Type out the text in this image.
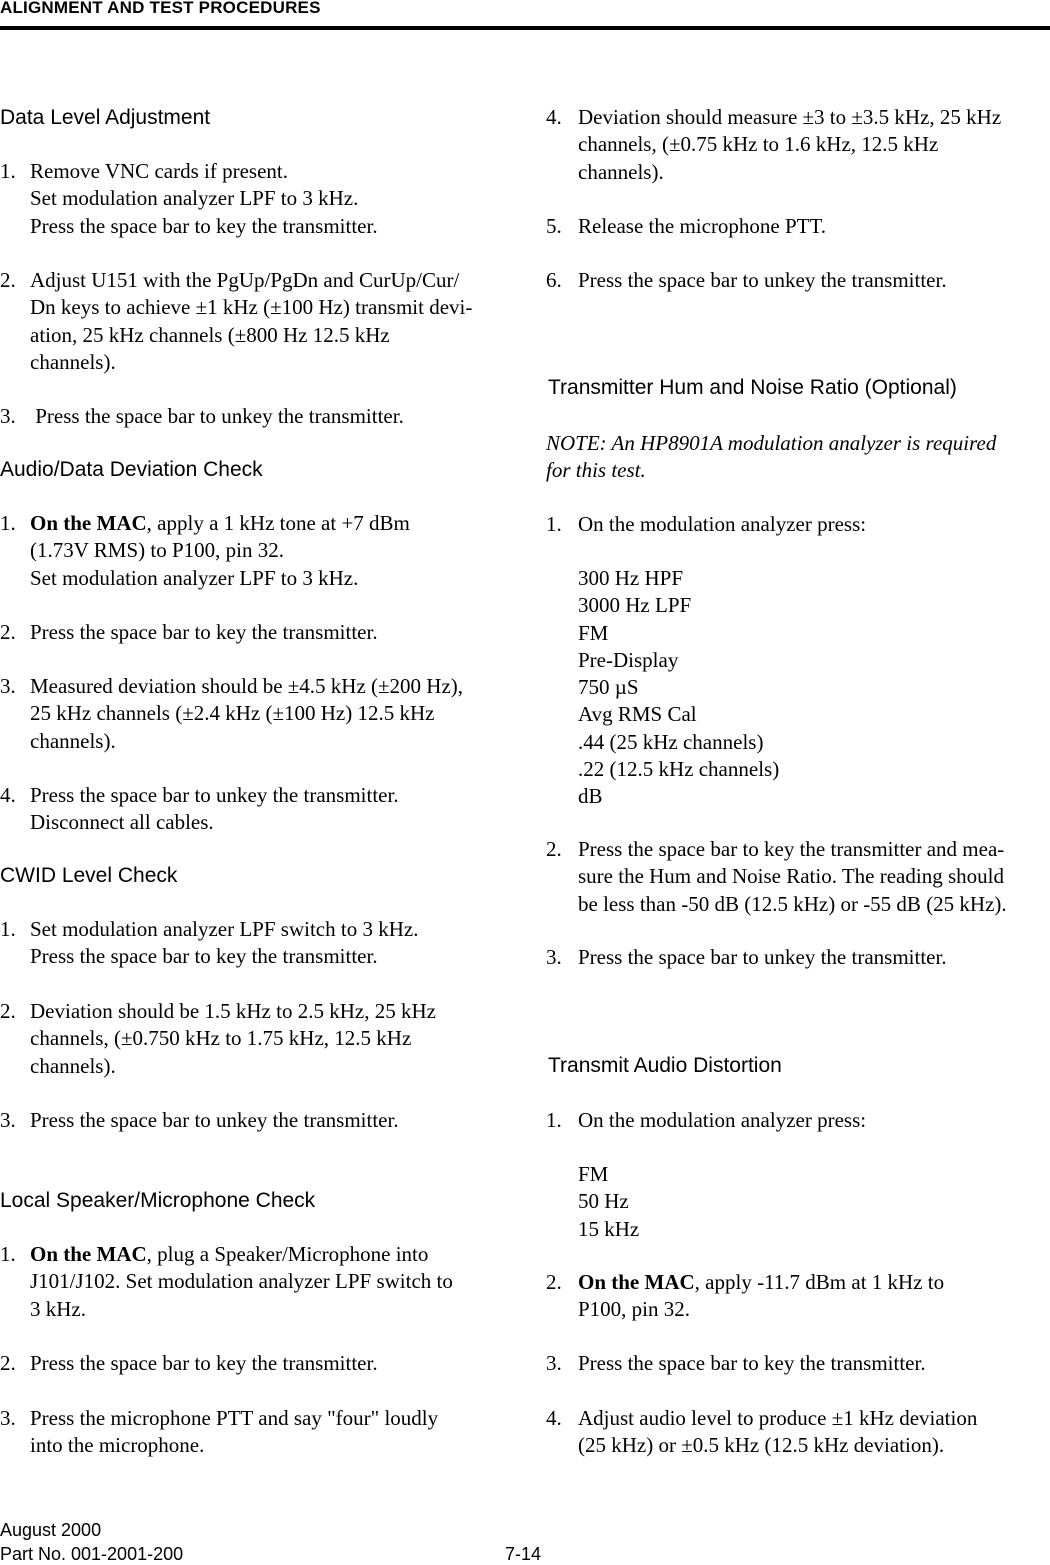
ALIGNMENT AND TEST PROCEDURES
Data Level Adjustment
1. Remove VNC cards if present.
Set modulation analyzer LPF to 3 kHz.
Press the space bar to key the transmitter.
2. Adjust U151 with the PgUp/PgDn and CurUp/Cur/
Dn keys to achieve ±1 kHz (±100 Hz) transmit devi-
ation, 25 kHz channels (±800 Hz 12.5 kHz
channels).
3. Press the space bar to unkey the transmitter.
Audio/Data Deviation Check
1. On the MAC, apply a 1 kHz tone at +7 dBm
(1.73V RMS) to P100, pin 32.
Set modulation analyzer LPF to 3 kHz.
2. Press the space bar to key the transmitter.
3. Measured deviation should be ±4.5 kHz (±200 Hz),
25 kHz channels (±2.4 kHz (±100 Hz) 12.5 kHz
channels).
4. Press the space bar to unkey the transmitter.
Disconnect all cables.
CWID Level Check
1. Set modulation analyzer LPF switch to 3 kHz.
Press the space bar to key the transmitter.
2. Deviation should be 1.5 kHz to 2.5 kHz, 25 kHz
channels, (±0.750 kHz to 1.75 kHz, 12.5 kHz
channels).
3. Press the space bar to unkey the transmitter.
Local Speaker/Microphone Check
1. On the MAC, plug a Speaker/Microphone into
J101/J102. Set modulation analyzer LPF switch to
3 kHz.
2. Press the space bar to key the transmitter.
3. Press the microphone PTT and say "four" loudly
into the microphone.
4. Deviation should measure ±3 to ±3.5 kHz, 25 kHz
channels, (±0.75 kHz to 1.6 kHz, 12.5 kHz
channels).
5. Release the microphone PTT.
6. Press the space bar to unkey the transmitter.
Transmitter Hum and Noise Ratio (Optional)
NOTE: An HP8901A modulation analyzer is required
for this test.
1. On the modulation analyzer press:
300 Hz HPF
3000 Hz LPF
FM
Pre-Display
750 µS
Avg RMS Cal
.44 (25 kHz channels)
.22 (12.5 kHz channels)
dB
2. Press the space bar to key the transmitter and mea-
sure the Hum and Noise Ratio. The reading should
be less than -50 dB (12.5 kHz) or -55 dB (25 kHz).
3. Press the space bar to unkey the transmitter.
Transmit Audio Distortion
1. On the modulation analyzer press:
FM
50 Hz
15 kHz
2. On the MAC, apply -11.7 dBm at 1 kHz to
P100, pin 32.
3. Press the space bar to key the transmitter.
4. Adjust audio level to produce ±1 kHz deviation
(25 kHz) or ±0.5 kHz (12.5 kHz deviation).
August 2000
Part No. 001-2001-200	7-14
